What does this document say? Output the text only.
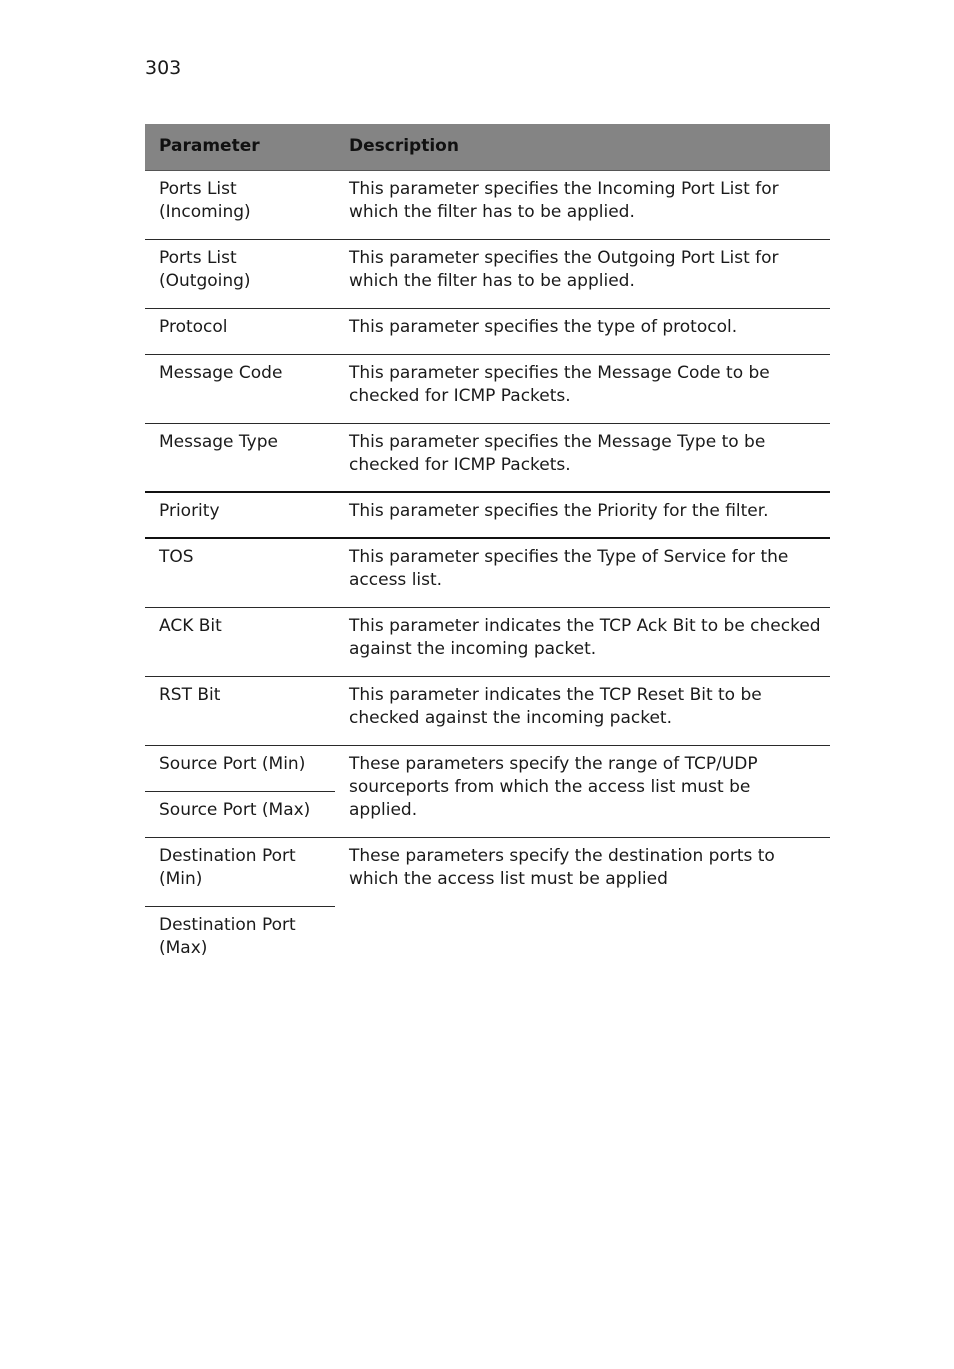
303
Parameter	Description
Ports List (Incoming)	This parameter specifies the Incoming Port List for which the filter has to be applied.
Ports List (Outgoing)	This parameter specifies the Outgoing Port List for which the filter has to be applied.
Protocol	This parameter specifies the type of protocol.
Message Code	This parameter specifies the Message Code to be checked for ICMP Packets.
Message Type	This parameter specifies the Message Type to be checked for ICMP Packets.
Priority	This parameter specifies the Priority for the filter.
TOS	This parameter specifies the Type of Service for the access list.
ACK Bit	This parameter indicates the TCP Ack Bit to be checked against the incoming packet.
RST Bit	This parameter indicates the TCP Reset Bit to be checked against the incoming packet.
Source Port (Min)	These parameters specify the range of TCP/UDP sourceports from which the access list must be applied.
Source Port (Max)	
Destination Port (Min)	These parameters specify the destination ports to which the access list must be applied
Destination Port (Max)	
